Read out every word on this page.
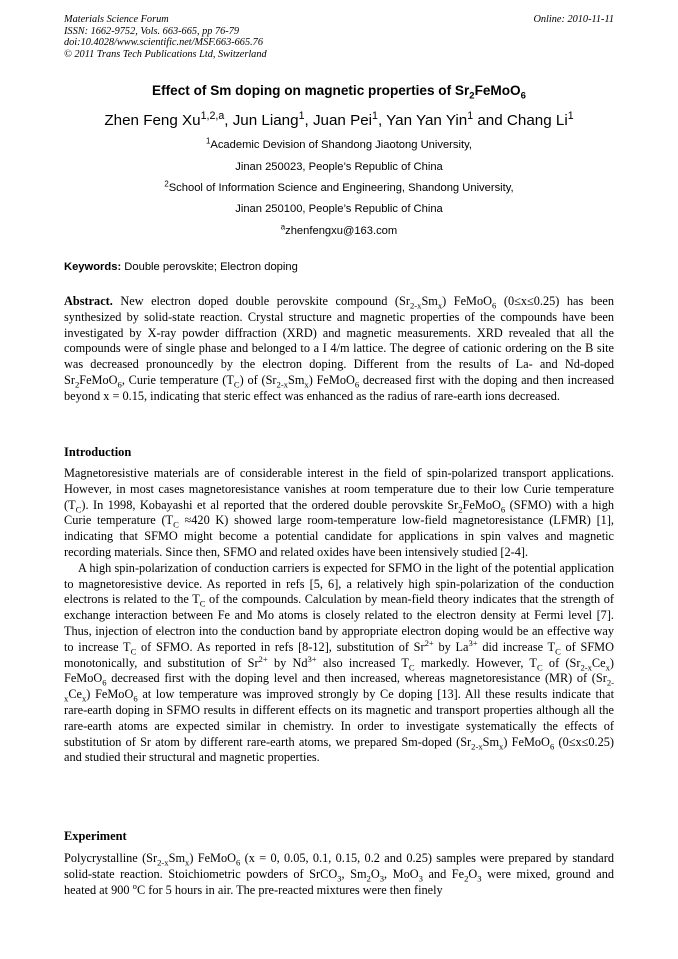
Materials Science Forum
ISSN: 1662-9752, Vols. 663-665, pp 76-79
doi:10.4028/www.scientific.net/MSF.663-665.76
© 2011 Trans Tech Publications Ltd, Switzerland
Online: 2010-11-11
Effect of Sm doping on magnetic properties of $Sr_2FeMoO_6$
Zhen Feng Xu$^{1,2,a}$, Jun Liang$^1$, Juan Pei$^1$, Yan Yan Yin$^1$ and Chang Li$^1$
$^1$Academic Devision of Shandong Jiaotong University,
Jinan 250023, People’s Republic of China
$^2$School of Information Science and Engineering, Shandong University,
Jinan 250100, People’s Republic of China
$^a$zhenfengxu@163.com
Keywords: Double perovskite; Electron doping

Abstract. New electron doped double perovskite compound $(Sr_{2-x}Sm_x)$ FeMoO$_6$ (0≤x≤0.25) has been synthesized by solid-state reaction. Crystal structure and magnetic properties of the compounds have been investigated by X-ray powder diffraction (XRD) and magnetic measurements. XRD revealed that all the compounds were of single phase and belonged to a I 4/m lattice. The degree of cationic ordering on the B site was decreased pronouncedly by the electron doping. Different from the results of La- and Nd-doped $Sr_2FeMoO_6$, Curie temperature $(T_C)$ of $(Sr_{2-x}Sm_x)$ FeMoO$_6$ decreased first with the doping and then increased beyond x = 0.15, indicating that steric effect was enhanced as the radius of rare-earth ions decreased.

Introduction

Magnetoresistive materials are of considerable interest in the field of spin-polarized transport applications. However, in most cases magnetoresistance vanishes at room temperature due to their low Curie temperature $(T_C)$. In 1998, Kobayashi et al reported that the ordered double perovskite $Sr_2FeMoO_6$ (SFMO) with a high Curie temperature ($T_C \approx 420$ K) showed large room-temperature low-field magnetoresistance (LFMR) [1], indicating that SFMO might become a potential candidate for applications in spin valves and magnetic recording materials. Since then, SFMO and related oxides have been intensively studied [2-4].

A high spin-polarization of conduction carriers is expected for SFMO in the light of the potential application to magnetoresistive device. As reported in refs [5, 6], a relatively high spin-polarization of the conduction electrons is related to the $T_C$ of the compounds. Calculation by mean-field theory indicates that the strength of exchange interaction between Fe and Mo atoms is closely related to the electron density at Fermi level [7]. Thus, injection of electron into the conduction band by appropriate electron doping would be an effective way to increase $T_C$ of SFMO. As reported in refs [8-12], substitution of $Sr^{2+}$ by $La^{3+}$ did increase $T_C$ of SFMO monotonically, and substitution of $Sr^{2+}$ by $Nd^{3+}$ also increased $T_C$ markedly. However, $T_C$ of $(Sr_{2-x}Ce_x)$ FeMoO$_6$ decreased first with the doping level and then increased, whereas magnetoresistance (MR) of $(Sr_{2-x}Ce_x)$ FeMoO$_6$ at low temperature was improved strongly by Ce doping [13]. All these results indicate that rare-earth doping in SFMO results in different effects on its magnetic and transport properties although all the rare-earth atoms are expected similar in chemistry. In order to investigate systematically the effects of substitution of Sr atom by different rare-earth atoms, we prepared Sm-doped $(Sr_{2-x}Sm_x)$ FeMoO$_6$ (0≤x≤0.25) and studied their structural and magnetic properties.

Experiment

Polycrystalline $(Sr_{2-x}Sm_x)$ FeMoO$_6$ (x = 0, 0.05, 0.1, 0.15, 0.2 and 0.25) samples were prepared by standard solid-state reaction. Stoichiometric powders of SrCO$_3$, $Sm_2O_3$, MoO$_3$ and $Fe_2O_3$ were mixed, ground and heated at 900 $^o$C for 5 hours in air. The pre-reacted mixtures were then finely
